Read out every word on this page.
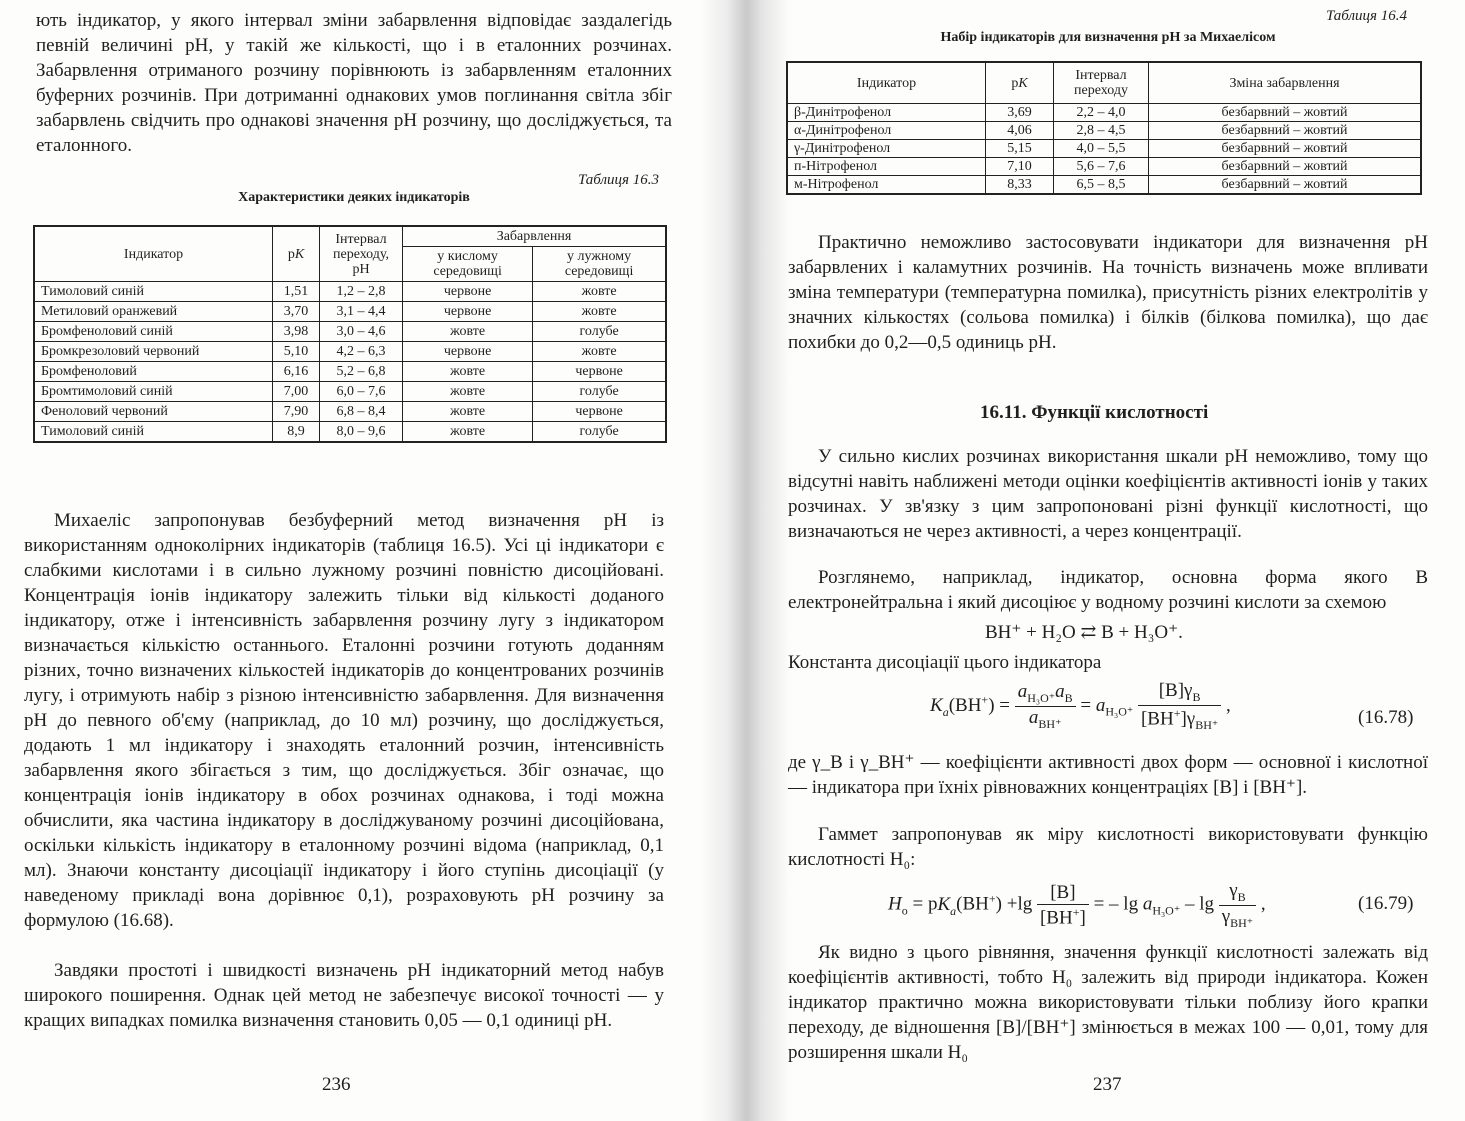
ють індикатор, у якого інтервал зміни забарвлення відповідає заздалегідь певній величині pH, у такій же кількості, що і в еталонних розчинах. Забарвлення отриманого розчину порівнюють із забарвленням еталонних буферних розчинів. При дотриманні однакових умов поглинання світла збіг забарвлень свідчить про однакові значення pH розчину, що досліджується, та еталонного.

Таблиця 16.3
Характеристики деяких індикаторів
Індикатор	pK	Інтервал переходу, pH	Забарвлення	
			у кислому середовищі	у лужному середовищі
Тимоловий синій	1,51	1,2 – 2,8	червоне	жовте
Метиловий оранжевий	3,70	3,1 – 4,4	червоне	жовте
Бромфеноловий синій	3,98	3,0 – 4,6	жовте	голубе
Бромкрезоловий червоний	5,10	4,2 – 6,3	червоне	жовте
Бромфеноловий	6,16	5,2 – 6,8	жовте	червоне
Бромтимоловий синій	7,00	6,0 – 7,6	жовте	голубе
Феноловий червоний	7,90	6,8 – 8,4	жовте	червоне
Тимоловий синій	8,9	8,0 – 9,6	жовте	голубе

Михаеліс запропонував безбуферний метод визначення pH із використанням одноколірних індикаторів (таблиця 16.5). Усі ці індикатори є слабкими кислотами і в сильно лужному розчині повністю дисоційовані. Концентрація іонів індикатору залежить тільки від кількості доданого індикатору, отже і інтенсивність забарвлення розчину лугу з індикатором визначається кількістю останнього. Еталонні розчини готують доданням різних, точно визначених кількостей індикаторів до концентрованих розчинів лугу, і отримують набір з різною інтенсивністю забарвлення. Для визначення pH до певного об'єму (наприклад, до 10 мл) розчину, що досліджується, додають 1 мл індикатору і знаходять еталонний розчин, інтенсивність забарвлення якого збігається з тим, що досліджується. Збіг означає, що концентрація іонів індикатору в обох розчинах однакова, і тоді можна обчислити, яка частина індикатору в досліджуваному розчині дисоційована, оскільки кількість індикатору в еталонному розчині відома (наприклад, 0,1 мл). Знаючи константу дисоціації індикатору і його ступінь дисоціації (у наведеному прикладі вона дорівнює 0,1), розраховують pH розчину за формулою (16.68).

Завдяки простоті і швидкості визначень pH індикаторний метод набув широкого поширення. Однак цей метод не забезпечує високої точності — у кращих випадках помилка визначення становить 0,05 — 0,1 одиниці pH.

236
Таблиця 16.4
Набір індикаторів для визначення pH за Михаелісом
Індикатор	pK	Інтервал переходу	Зміна забарвлення
β-Динітрофенол	3,69	2,2 – 4,0	безбарвний – жовтий
α-Динітрофенол	4,06	2,8 – 4,5	безбарвний – жовтий
γ-Динітрофенол	5,15	4,0 – 5,5	безбарвний – жовтий
п-Нітрофенол	7,10	5,6 – 7,6	безбарвний – жовтий
м-Нітрофенол	8,33	6,5 – 8,5	безбарвний – жовтий

Практично неможливо застосовувати індикатори для визначення pH забарвлених і каламутних розчинів. На точність визначень може впливати зміна температури (температурна помилка), присутність різних електролітів у значних кількостях (сольова помилка) і білків (білкова помилка), що дає похибки до 0,2—0,5 одиниць pH.

16.11. Функції кислотності

У сильно кислих розчинах використання шкали pH неможливо, тому що відсутні навіть наближені методи оцінки коефіцієнтів активності іонів у таких розчинах. У зв'язку з цим запропоновані різні функції кислотності, що визначаються не через активності, а через концентрації.

Розглянемо, наприклад, індикатор, основна форма якого B електронейтральна і який дисоціює у водному розчині кислоти за схемою

BH⁺ + H₂O ⇄ B + H₃O⁺.

Константа дисоціації цього індикатора

$K_a(BH^+) = \frac{a_{H_3O^+}a_B}{a_{BH^+}} = a_{H_3O^+} \frac{[B]\gamma_B}{[BH^+]\gamma_{BH^+}}$ ,
(16.78)

де γ_B і γ_BH⁺ — коефіцієнти активності двох форм — основної і кислотної — індикатора при їхніх рівноважних концентраціях [B] і [BH⁺].

Гаммет запропонував як міру кислотності використовувати функцію кислотності H₀:

$H_o = pK_a(BH^+) +\lg \frac{[B]}{[BH^+]}$ = – $\lg a_{H_3O^+}$ – $\lg \frac{\gamma_B}{\gamma_{BH^+}}$ ,	(16.79)

Як видно з цього рівняння, значення функції кислотності залежать від коефіцієнтів активності, тобто H₀ залежить від природи індикатора. Кожен індикатор практично можна використовувати тільки поблизу його крапки переходу, де відношення [B]/[BH⁺] змінюється в межах 100 — 0,01, тому для розширення шкали H₀

237
